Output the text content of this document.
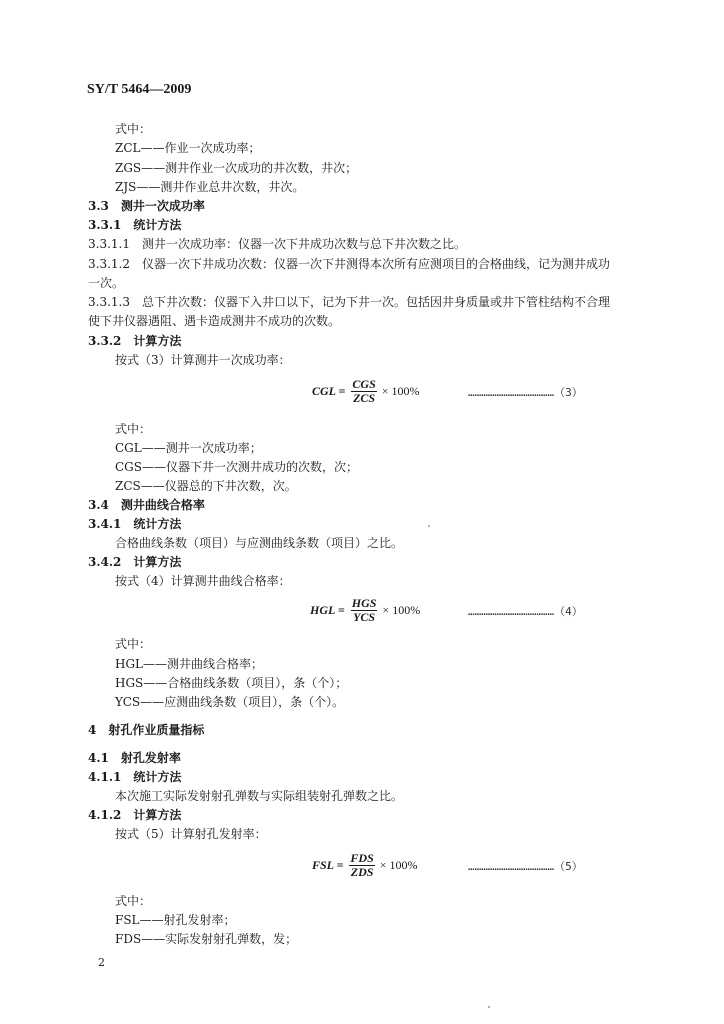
SY/T 5464—2009
式中：
ZCL——作业一次成功率；
ZGS——测井作业一次成功的井次数，井次；
ZJS——测井作业总井次数，井次。
3.3　测井一次成功率
3.3.1　统计方法
3.3.1.1　测井一次成功率：仪器一次下井成功次数与总下井次数之比。
3.3.1.2　仪器一次下井成功次数：仪器一次下井测得本次所有应测项目的合格曲线，记为测井成功
一次。
3.3.1.3　总下井次数：仪器下入井口以下，记为下井一次。包括因井身质量或井下管柱结构不合理
使下井仪器遇阻、遇卡造成测井不成功的次数。
3.3.2　计算方法
按式（3）计算测井一次成功率：
CGL = $\frac{\text{CGS}}{\text{ZCS}} \times 100\%$	…………………………………（3）
式中：
CGL——测井一次成功率；
CGS——仪器下井一次测井成功的次数，次；
ZCS——仪器总的下井次数，次。
3.4　测井曲线合格率
3.4.1　统计方法
合格曲线条数（项目）与应测曲线条数（项目）之比。
3.4.2　计算方法
按式（4）计算测井曲线合格率：
HGL = $\frac{\text{HGS}}{\text{YCS}} \times 100\%$	…………………………………（4）
式中：
HGL——测井曲线合格率；
HGS——合格曲线条数（项目），条（个）；
YCS——应测曲线条数（项目），条（个）。
4　射孔作业质量指标
4.1　射孔发射率
4.1.1　统计方法
本次施工实际发射射孔弹数与实际组装射孔弹数之比。
4.1.2　计算方法
按式（5）计算射孔发射率：
FSL = $\frac{\text{FDS}}{\text{ZDS}} \times 100\%$	…………………………………（5）
式中：
FSL——射孔发射率；
FDS——实际发射射孔弹数，发；
2
